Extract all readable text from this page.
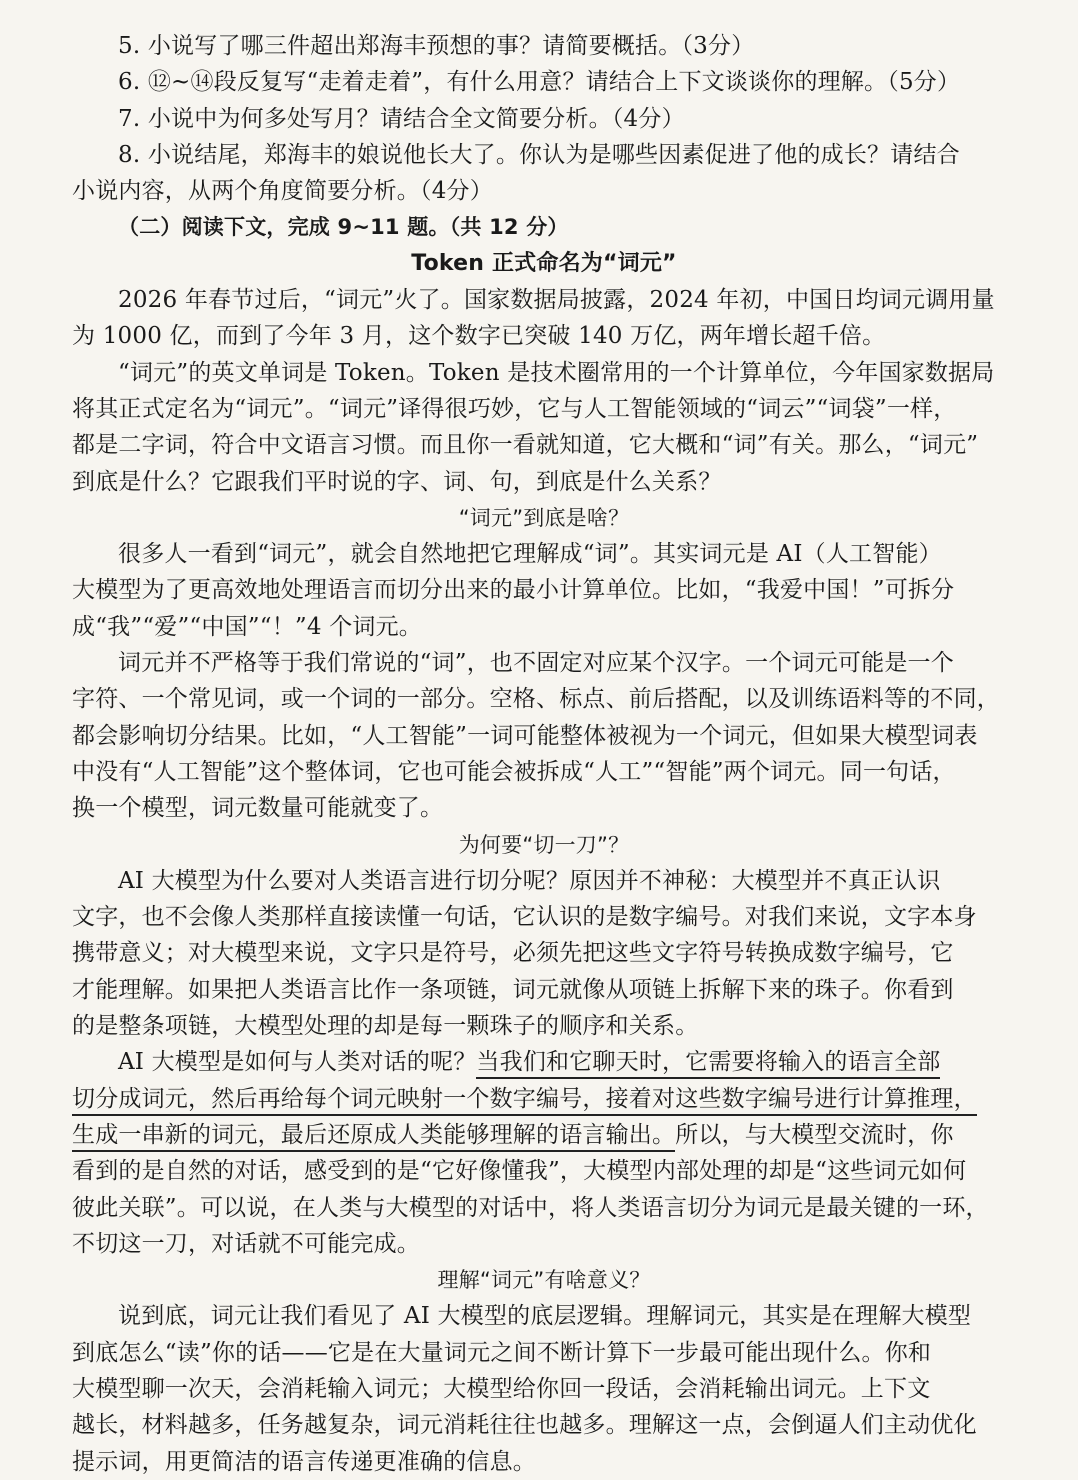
5. 小说写了哪三件超出郑海丰预想的事？请简要概括。（3分）

6. ⑫~⑭段反复写“走着走着”，有什么用意？请结合上下文谈谈你的理解。（5分）

7. 小说中为何多处写月？请结合全文简要分析。（4分）

8. 小说结尾，郑海丰的娘说他长大了。你认为是哪些因素促进了他的成长？请结合

小说内容，从两个角度简要分析。（4分）

（二）阅读下文，完成 9~11 题。（共 12 分）

Token 正式命名为“词元”

2026 年春节过后，“词元”火了。国家数据局披露，2024 年初，中国日均词元调用量

为 1000 亿，而到了今年 3 月，这个数字已突破 140 万亿，两年增长超千倍。

“词元”的英文单词是 Token。Token 是技术圈常用的一个计算单位，今年国家数据局

将其正式定名为“词元”。“词元”译得很巧妙，它与人工智能领域的“词云”“词袋”一样，

都是二字词，符合中文语言习惯。而且你一看就知道，它大概和“词”有关。那么，“词元”

到底是什么？它跟我们平时说的字、词、句，到底是什么关系？

“词元”到底是啥？

很多人一看到“词元”，就会自然地把它理解成“词”。其实词元是 AI（人工智能）

大模型为了更高效地处理语言而切分出来的最小计算单位。比如，“我爱中国！”可拆分

成“我”“爱”“中国”“！”4 个词元。

词元并不严格等于我们常说的“词”，也不固定对应某个汉字。一个词元可能是一个

字符、一个常见词，或一个词的一部分。空格、标点、前后搭配，以及训练语料等的不同，

都会影响切分结果。比如，“人工智能”一词可能整体被视为一个词元，但如果大模型词表

中没有“人工智能”这个整体词，它也可能会被拆成“人工”“智能”两个词元。同一句话，

换一个模型，词元数量可能就变了。

为何要“切一刀”？

AI 大模型为什么要对人类语言进行切分呢？原因并不神秘：大模型并不真正认识

文字，也不会像人类那样直接读懂一句话，它认识的是数字编号。对我们来说，文字本身

携带意义；对大模型来说，文字只是符号，必须先把这些文字符号转换成数字编号，它

才能理解。如果把人类语言比作一条项链，词元就像从项链上拆解下来的珠子。你看到

的是整条项链，大模型处理的却是每一颗珠子的顺序和关系。

AI 大模型是如何与人类对话的呢？当我们和它聊天时，它需要将输入的语言全部

切分成词元，然后再给每个词元映射一个数字编号，接着对这些数字编号进行计算推理，

生成一串新的词元，最后还原成人类能够理解的语言输出。所以，与大模型交流时，你

看到的是自然的对话，感受到的是“它好像懂我”，大模型内部处理的却是“这些词元如何

彼此关联”。可以说，在人类与大模型的对话中，将人类语言切分为词元是最关键的一环，

不切这一刀，对话就不可能完成。

理解“词元”有啥意义？

说到底，词元让我们看见了 AI 大模型的底层逻辑。理解词元，其实是在理解大模型

到底怎么“读”你的话——它是在大量词元之间不断计算下一步最可能出现什么。你和

大模型聊一次天，会消耗输入词元；大模型给你回一段话，会消耗输出词元。上下文

越长，材料越多，任务越复杂，词元消耗往往也越多。理解这一点，会倒逼人们主动优化

提示词，用更简洁的语言传递更准确的信息。
